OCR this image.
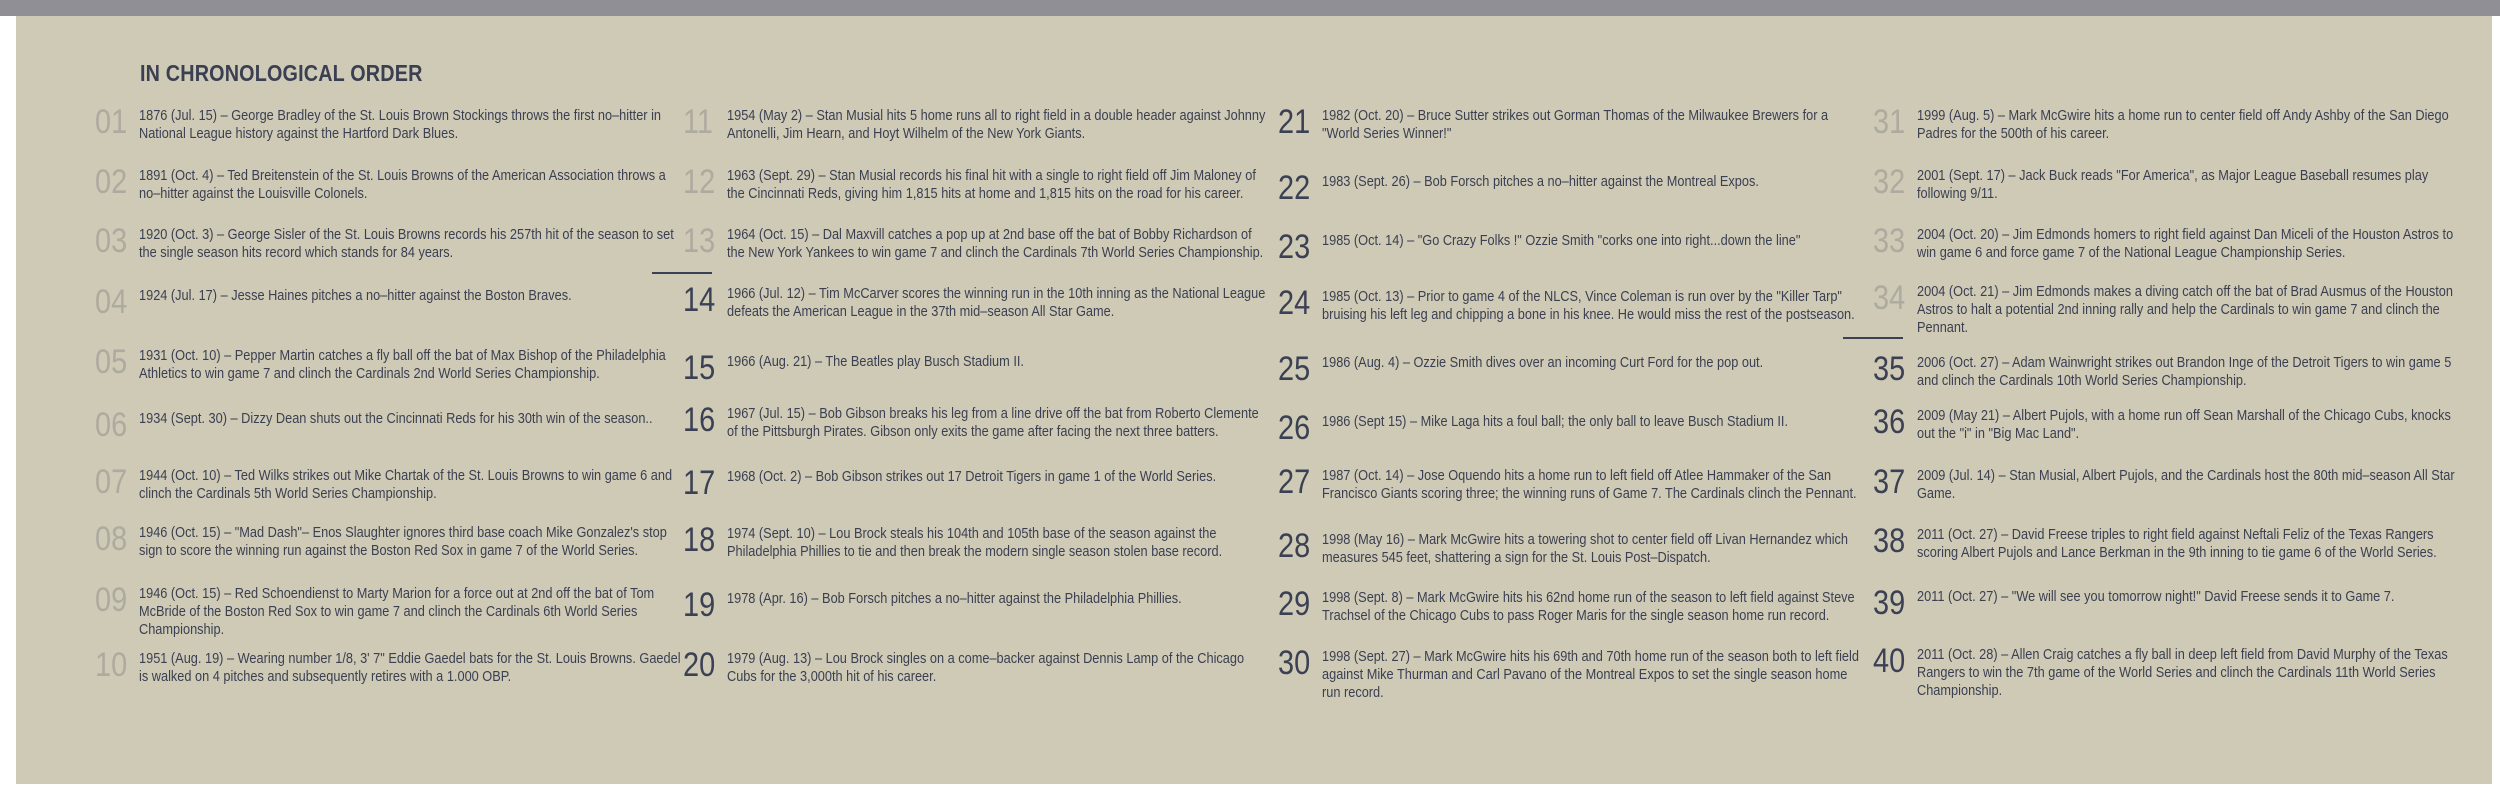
IN CHRONOLOGICAL ORDER
01 1876 (Jul. 15) – George Bradley of the St. Louis Brown Stockings throws the first no–hitter in National League history against the Hartford Dark Blues.
02 1891 (Oct. 4) – Ted Breitenstein of the St. Louis Browns of the American Association throws a no–hitter against the Louisville Colonels.
03 1920 (Oct. 3) – George Sisler of the St. Louis Browns records his 257th hit of the season to set the single season hits record which stands for 84 years.
04 1924 (Jul. 17) – Jesse Haines pitches a no–hitter against the Boston Braves.
05 1931 (Oct. 10) – Pepper Martin catches a fly ball off the bat of Max Bishop of the Philadelphia Athletics to win game 7 and clinch the Cardinals 2nd World Series Championship.
06 1934 (Sept. 30) – Dizzy Dean shuts out the Cincinnati Reds for his 30th win of the season..
07 1944 (Oct. 10) – Ted Wilks strikes out Mike Chartak of the St. Louis Browns to win game 6 and clinch the Cardinals 5th World Series Championship.
08 1946 (Oct. 15) – "Mad Dash"– Enos Slaughter ignores third base coach Mike Gonzalez's stop sign to score the winning run against the Boston Red Sox in game 7 of the World Series.
09 1946 (Oct. 15) – Red Schoendienst to Marty Marion for a force out at 2nd off the bat of Tom McBride of the Boston Red Sox to win game 7 and clinch the Cardinals 6th World Series Championship.
10 1951 (Aug. 19) – Wearing number 1/8, 3' 7" Eddie Gaedel bats for the St. Louis Browns. Gaedel is walked on 4 pitches and subsequently retires with a 1.000 OBP.
11 1954 (May 2) – Stan Musial hits 5 home runs all to right field in a double header against Johnny Antonelli, Jim Hearn, and Hoyt Wilhelm of the New York Giants.
12 1963 (Sept. 29) – Stan Musial records his final hit with a single to right field off Jim Maloney of the Cincinnati Reds, giving him 1,815 hits at home and 1,815 hits on the road for his career.
13 1964 (Oct. 15) – Dal Maxvill catches a pop up at 2nd base off the bat of Bobby Richardson of the New York Yankees to win game 7 and clinch the Cardinals 7th World Series Championship.
14 1966 (Jul. 12) – Tim McCarver scores the winning run in the 10th inning as the National League defeats the American League in the 37th mid–season All Star Game.
15 1966 (Aug. 21) – The Beatles play Busch Stadium II.
16 1967 (Jul. 15) – Bob Gibson breaks his leg from a line drive off the bat from Roberto Clemente of the Pittsburgh Pirates. Gibson only exits the game after facing the next three batters.
17 1968 (Oct. 2) – Bob Gibson strikes out 17 Detroit Tigers in game 1 of the World Series.
18 1974 (Sept. 10) – Lou Brock steals his 104th and 105th base of the season against the Philadelphia Phillies to tie and then break the modern single season stolen base record.
19 1978 (Apr. 16) – Bob Forsch pitches a no–hitter against the Philadelphia Phillies.
20 1979 (Aug. 13) – Lou Brock singles on a come–backer against Dennis Lamp of the Chicago Cubs for the 3,000th hit of his career.
21 1982 (Oct. 20) – Bruce Sutter strikes out Gorman Thomas of the Milwaukee Brewers for a "World Series Winner!"
22 1983 (Sept. 26) – Bob Forsch pitches a no–hitter against the Montreal Expos.
23 1985 (Oct. 14) – "Go Crazy Folks !" Ozzie Smith "corks one into right...down the line"
24 1985 (Oct. 13) – Prior to game 4 of the NLCS, Vince Coleman is run over by the "Killer Tarp" bruising his left leg and chipping a bone in his knee. He would miss the rest of the postseason.
25 1986 (Aug. 4) – Ozzie Smith dives over an incoming Curt Ford for the pop out.
26 1986 (Sept 15) – Mike Laga hits a foul ball; the only ball to leave Busch Stadium II.
27 1987 (Oct. 14) – Jose Oquendo hits a home run to left field off Atlee Hammaker of the San Francisco Giants scoring three; the winning runs of Game 7. The Cardinals clinch the Pennant.
28 1998 (May 16) – Mark McGwire hits a towering shot to center field off Livan Hernandez which measures 545 feet, shattering a sign for the St. Louis Post–Dispatch.
29 1998 (Sept. 8) – Mark McGwire hits his 62nd home run of the season to left field against Steve Trachsel of the Chicago Cubs to pass Roger Maris for the single season home run record.
30 1998 (Sept. 27) – Mark McGwire hits his 69th and 70th home run of the season both to left field against Mike Thurman and Carl Pavano of the Montreal Expos to set the single season home run record.
31 1999 (Aug. 5) – Mark McGwire hits a home run to center field off Andy Ashby of the San Diego Padres for the 500th of his career.
32 2001 (Sept. 17) – Jack Buck reads "For America", as Major League Baseball resumes play following 9/11.
33 2004 (Oct. 20) – Jim Edmonds homers to right field against Dan Miceli of the Houston Astros to win game 6 and force game 7 of the National League Championship Series.
34 2004 (Oct. 21) – Jim Edmonds makes a diving catch off the bat of Brad Ausmus of the Houston Astros to halt a potential 2nd inning rally and help the Cardinals to win game 7 and clinch the Pennant.
35 2006 (Oct. 27) – Adam Wainwright strikes out Brandon Inge of the Detroit Tigers to win game 5 and clinch the Cardinals 10th World Series Championship.
36 2009 (May 21) – Albert Pujols, with a home run off Sean Marshall of the Chicago Cubs, knocks out the "i" in "Big Mac Land".
37 2009 (Jul. 14) – Stan Musial, Albert Pujols, and the Cardinals host the 80th mid–season All Star Game.
38 2011 (Oct. 27) – David Freese triples to right field against Neftali Feliz of the Texas Rangers scoring Albert Pujols and Lance Berkman in the 9th inning to tie game 6 of the World Series.
39 2011 (Oct. 27) – "We will see you tomorrow night!" David Freese sends it to Game 7.
40 2011 (Oct. 28) – Allen Craig catches a fly ball in deep left field from David Murphy of the Texas Rangers to win the 7th game of the World Series and clinch the Cardinals 11th World Series Championship.
